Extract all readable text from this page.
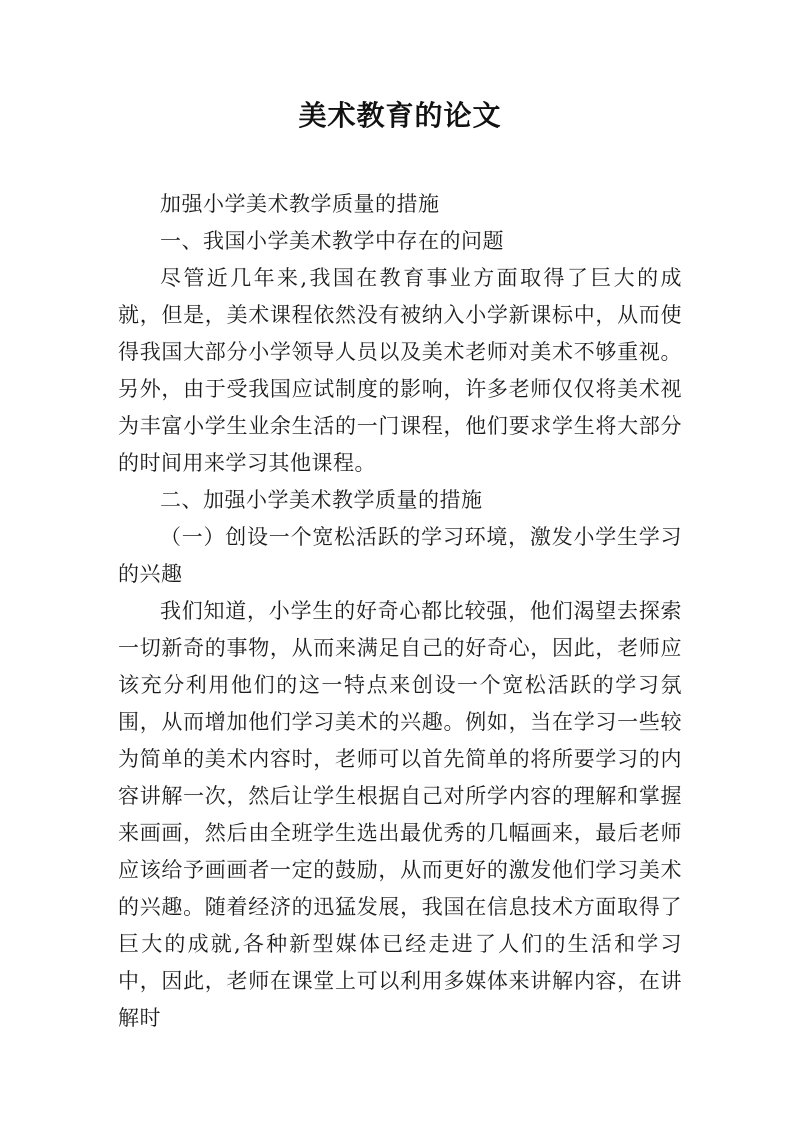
美术教育的论文

加强小学美术教学质量的措施

一、我国小学美术教学中存在的问题

尽管近几年来,我国在教育事业方面取得了巨大的成就，但是，美术课程依然没有被纳入小学新课标中，从而使得我国大部分小学领导人员以及美术老师对美术不够重视。另外，由于受我国应试制度的影响，许多老师仅仅将美术视为丰富小学生业余生活的一门课程，他们要求学生将大部分的时间用来学习其他课程。

二、加强小学美术教学质量的措施

（一）创设一个宽松活跃的学习环境，激发小学生学习的兴趣

我们知道，小学生的好奇心都比较强，他们渴望去探索一切新奇的事物，从而来满足自己的好奇心，因此，老师应该充分利用他们的这一特点来创设一个宽松活跃的学习氛围，从而增加他们学习美术的兴趣。例如，当在学习一些较为简单的美术内容时，老师可以首先简单的将所要学习的内容讲解一次，然后让学生根据自己对所学内容的理解和掌握来画画，然后由全班学生选出最优秀的几幅画来，最后老师应该给予画画者一定的鼓励，从而更好的激发他们学习美术的兴趣。随着经济的迅猛发展，我国在信息技术方面取得了巨大的成就,各种新型媒体已经走进了人们的生活和学习中，因此，老师在课堂上可以利用多媒体来讲解内容，在讲解时
